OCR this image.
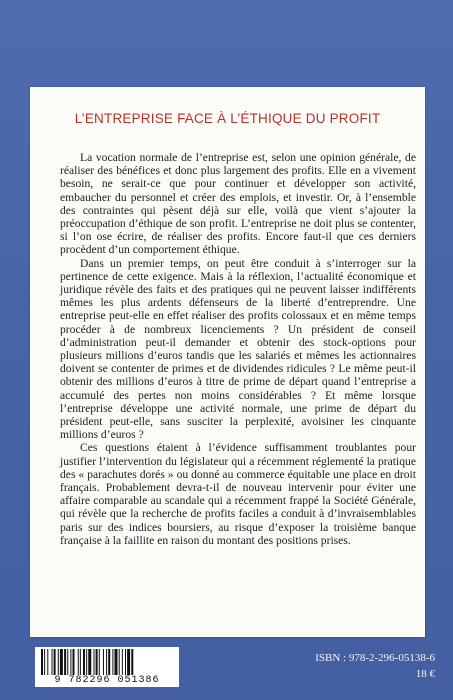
L’ENTREPRISE FACE À L’ÉTHIQUE DU PROFIT

La vocation normale de l’entreprise est, selon une opinion générale, de réaliser des bénéfices et donc plus largement des profits. Elle en a vivement besoin, ne serait-ce que pour continuer et développer son activité, embaucher du personnel et créer des emplois, et investir. Or, à l’ensemble des contraintes qui pèsent déjà sur elle, voilà que vient s’ajouter la préoccupation d’éthique de son profit. L’entreprise ne doit plus se contenter, si l’on ose écrire, de réaliser des profits. Encore faut-il que ces derniers procèdent d’un comportement éthique.

Dans un premier temps, on peut être conduit à s’interroger sur la pertinence de cette exigence. Mais à la réflexion, l’actualité économique et juridique révèle des faits et des pratiques qui ne peuvent laisser indifférents mêmes les plus ardents défenseurs de la liberté d’entreprendre. Une entreprise peut-elle en effet réaliser des profits colossaux et en même temps procéder à de nombreux licenciements ? Un président de conseil d’administration peut-il demander et obtenir des stock-options pour plusieurs millions d’euros tandis que les salariés et mêmes les actionnaires doivent se contenter de primes et de dividendes ridicules ? Le même peut-il obtenir des millions d’euros à titre de prime de départ quand l’entreprise a accumulé des pertes non moins considérables ? Et même lorsque l’entreprise développe une activité normale, une prime de départ du président peut-elle, sans susciter la perplexité, avoisiner les cinquante millions d’euros ?

Ces questions étaient à l’évidence suffisamment troublantes pour justifier l’intervention du législateur qui a récemment réglementé la pratique des « parachutes dorés » ou donné au commerce équitable une place en droit français. Probablement devra-t-il de nouveau intervenir pour éviter une affaire comparable au scandale qui a récemment frappé la Société Générale, qui révèle que la recherche de profits faciles a conduit à d’invraisemblables paris sur des indices boursiers, au risque d’exposer la troisième banque française à la faillite en raison du montant des positions prises.

9 782296 051386
ISBN : 978-2-296-05138-6
18 €
